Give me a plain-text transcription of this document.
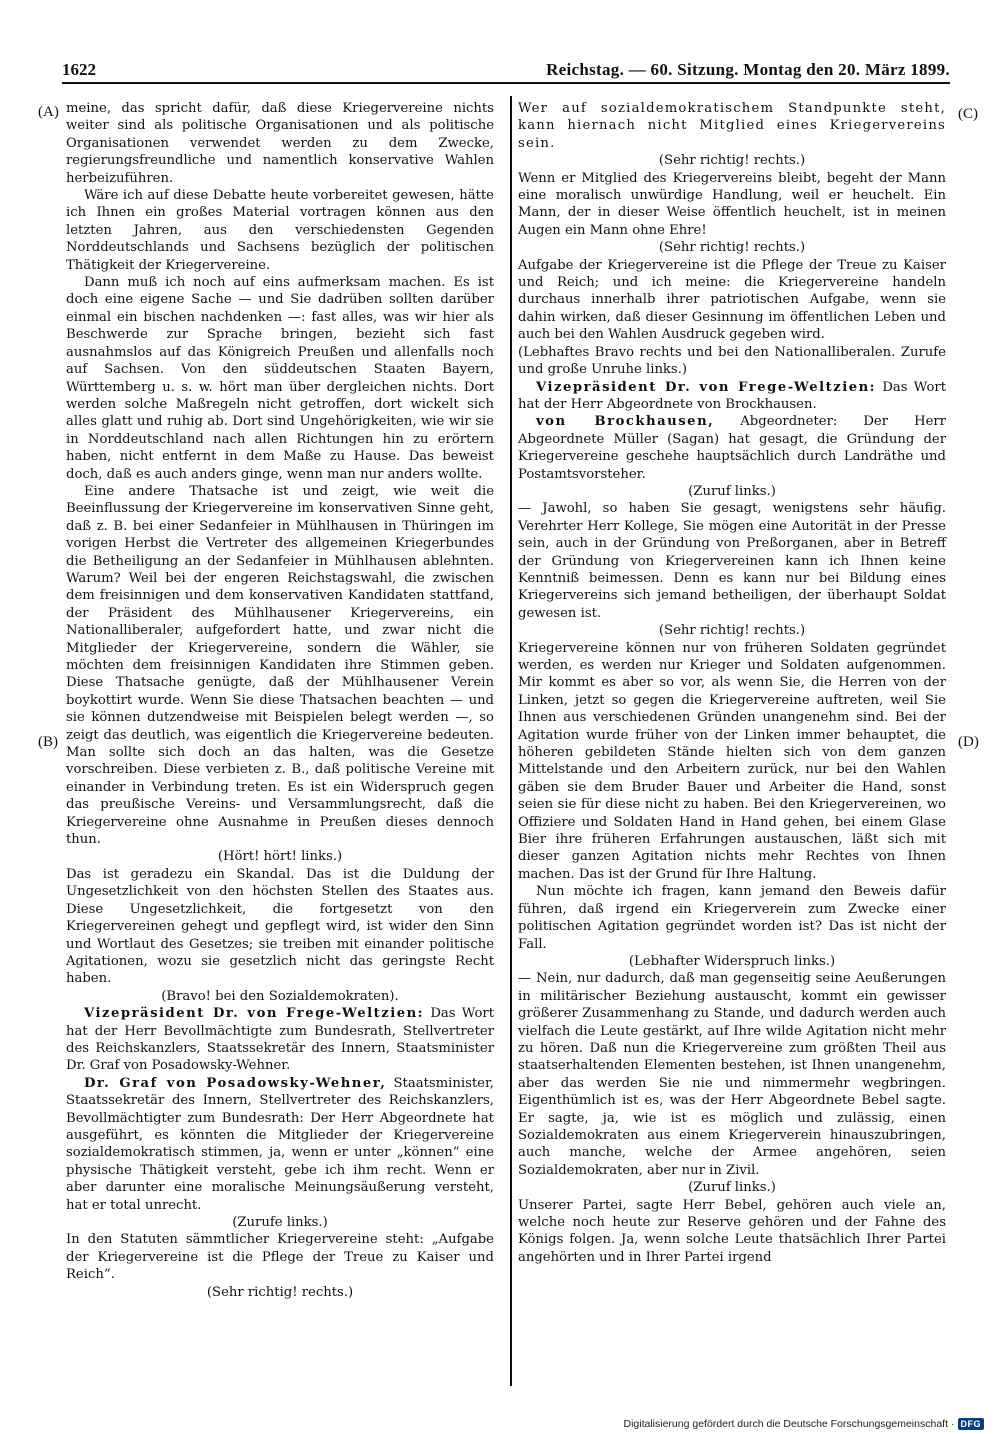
1622	Reichstag. — 60. Sitzung. Montag den 20. März 1899.
(A)
(B)
(C)
(D)

meine, das spricht dafür, daß diese Kriegervereine nichts weiter sind als politische Organisationen und als politische Organisationen verwendet werden zu dem Zwecke, regierungsfreundliche und namentlich konservative Wahlen herbeizuführen.

Wäre ich auf diese Debatte heute vorbereitet gewesen, hätte ich Ihnen ein großes Material vortragen können aus den letzten Jahren, aus den verschiedensten Gegenden Norddeutschlands und Sachsens bezüglich der politischen Thätigkeit der Kriegervereine.

Dann muß ich noch auf eins aufmerksam machen. Es ist doch eine eigene Sache — und Sie dadrüben sollten darüber einmal ein bischen nachdenken —: fast alles, was wir hier als Beschwerde zur Sprache bringen, bezieht sich fast ausnahmslos auf das Königreich Preußen und allenfalls noch auf Sachsen. Von den süddeutschen Staaten Bayern, Württemberg u. s. w. hört man über dergleichen nichts. Dort werden solche Maßregeln nicht getroffen, dort wickelt sich alles glatt und ruhig ab. Dort sind Ungehörigkeiten, wie wir sie in Norddeutschland nach allen Richtungen hin zu erörtern haben, nicht entfernt in dem Maße zu Hause. Das beweist doch, daß es auch anders ginge, wenn man nur anders wollte.

Eine andere Thatsache ist und zeigt, wie weit die Beeinflussung der Kriegervereine im konservativen Sinne geht, daß z. B. bei einer Sedanfeier in Mühlhausen in Thüringen im vorigen Herbst die Vertreter des allgemeinen Kriegerbundes die Betheiligung an der Sedanfeier in Mühlhausen ablehnten. Warum? Weil bei der engeren Reichstagswahl, die zwischen dem freisinnigen und dem konservativen Kandidaten stattfand, der Präsident des Mühlhausener Kriegervereins, ein Nationalliberaler, aufgefordert hatte, und zwar nicht die Mitglieder der Kriegervereine, sondern die Wähler, sie möchten dem freisinnigen Kandidaten ihre Stimmen geben. Diese Thatsache genügte, daß der Mühlhausener Verein boykottirt wurde. Wenn Sie diese Thatsachen beachten — und sie können dutzendweise mit Beispielen belegt werden —, so zeigt das deutlich, was eigentlich die Kriegervereine bedeuten. Man sollte sich doch an das halten, was die Gesetze vorschreiben. Diese verbieten z. B., daß politische Vereine mit einander in Verbindung treten. Es ist ein Widerspruch gegen das preußische Vereins- und Versammlungsrecht, daß die Kriegervereine ohne Ausnahme in Preußen dieses dennoch thun.

(Hört! hört! links.)

Das ist geradezu ein Skandal. Das ist die Duldung der Ungesetzlichkeit von den höchsten Stellen des Staates aus. Diese Ungesetzlichkeit, die fortgesetzt von den Kriegervereinen gehegt und gepflegt wird, ist wider den Sinn und Wortlaut des Gesetzes; sie treiben mit einander politische Agitationen, wozu sie gesetzlich nicht das geringste Recht haben.

(Bravo! bei den Sozialdemokraten).

Vizepräsident Dr. von Frege-Weltzien: Das Wort hat der Herr Bevollmächtigte zum Bundesrath, Stellvertreter des Reichskanzlers, Staatssekretär des Innern, Staatsminister Dr. Graf von Posadowsky-Wehner.

Dr. Graf von Posadowsky-Wehner, Staatsminister, Staatssekretär des Innern, Stellvertreter des Reichskanzlers, Bevollmächtigter zum Bundesrath: Der Herr Abgeordnete hat ausgeführt, es könnten die Mitglieder der Kriegervereine sozialdemokratisch stimmen, ja, wenn er unter „können“ eine physische Thätigkeit versteht, gebe ich ihm recht. Wenn er aber darunter eine moralische Meinungsäußerung versteht, hat er total unrecht.

(Zurufe links.)

In den Statuten sämmtlicher Kriegervereine steht: „Aufgabe der Kriegervereine ist die Pflege der Treue zu Kaiser und Reich“.

(Sehr richtig! rechts.)

Wer auf sozialdemokratischem Standpunkte steht, kann hiernach nicht Mitglied eines Kriegervereins sein.

(Sehr richtig! rechts.)

Wenn er Mitglied des Kriegervereins bleibt, begeht der Mann eine moralisch unwürdige Handlung, weil er heuchelt. Ein Mann, der in dieser Weise öffentlich heuchelt, ist in meinen Augen ein Mann ohne Ehre!

(Sehr richtig! rechts.)

Aufgabe der Kriegervereine ist die Pflege der Treue zu Kaiser und Reich; und ich meine: die Kriegervereine handeln durchaus innerhalb ihrer patriotischen Aufgabe, wenn sie dahin wirken, daß dieser Gesinnung im öffentlichen Leben und auch bei den Wahlen Ausdruck gegeben wird.

(Lebhaftes Bravo rechts und bei den Nationalliberalen. Zurufe und große Unruhe links.)

Vizepräsident Dr. von Frege-Weltzien: Das Wort hat der Herr Abgeordnete von Brockhausen.

von Brockhausen, Abgeordneter: Der Herr Abgeordnete Müller (Sagan) hat gesagt, die Gründung der Kriegervereine geschehe hauptsächlich durch Landräthe und Postamtsvorsteher.

(Zuruf links.)

— Jawohl, so haben Sie gesagt, wenigstens sehr häufig. Verehrter Herr Kollege, Sie mögen eine Autorität in der Presse sein, auch in der Gründung von Preßorganen, aber in Betreff der Gründung von Kriegervereinen kann ich Ihnen keine Kenntniß beimessen. Denn es kann nur bei Bildung eines Kriegervereins sich jemand betheiligen, der überhaupt Soldat gewesen ist.

(Sehr richtig! rechts.)

Kriegervereine können nur von früheren Soldaten gegründet werden, es werden nur Krieger und Soldaten aufgenommen. Mir kommt es aber so vor, als wenn Sie, die Herren von der Linken, jetzt so gegen die Kriegervereine auftreten, weil Sie Ihnen aus verschiedenen Gründen unangenehm sind. Bei der Agitation wurde früher von der Linken immer behauptet, die höheren gebildeten Stände hielten sich von dem ganzen Mittelstande und den Arbeitern zurück, nur bei den Wahlen gäben sie dem Bruder Bauer und Arbeiter die Hand, sonst seien sie für diese nicht zu haben. Bei den Kriegervereinen, wo Offiziere und Soldaten Hand in Hand gehen, bei einem Glase Bier ihre früheren Erfahrungen austauschen, läßt sich mit dieser ganzen Agitation nichts mehr Rechtes von Ihnen machen. Das ist der Grund für Ihre Haltung.

Nun möchte ich fragen, kann jemand den Beweis dafür führen, daß irgend ein Kriegerverein zum Zwecke einer politischen Agitation gegründet worden ist? Das ist nicht der Fall.

(Lebhafter Widerspruch links.)

— Nein, nur dadurch, daß man gegenseitig seine Aeußerungen in militärischer Beziehung austauscht, kommt ein gewisser größerer Zusammenhang zu Stande, und dadurch werden auch vielfach die Leute gestärkt, auf Ihre wilde Agitation nicht mehr zu hören. Daß nun die Kriegervereine zum größten Theil aus staatserhaltenden Elementen bestehen, ist Ihnen unangenehm, aber das werden Sie nie und nimmermehr wegbringen. Eigenthümlich ist es, was der Herr Abgeordnete Bebel sagte. Er sagte, ja, wie ist es möglich und zulässig, einen Sozialdemokraten aus einem Kriegerverein hinauszubringen, auch manche, welche der Armee angehören, seien Sozialdemokraten, aber nur in Zivil.

(Zuruf links.)

Unserer Partei, sagte Herr Bebel, gehören auch viele an, welche noch heute zur Reserve gehören und der Fahne des Königs folgen. Ja, wenn solche Leute thatsächlich Ihrer Partei angehörten und in Ihrer Partei irgend

Digitalisierung gefördert durch die Deutsche Forschungsgemeinschaft · DFG
